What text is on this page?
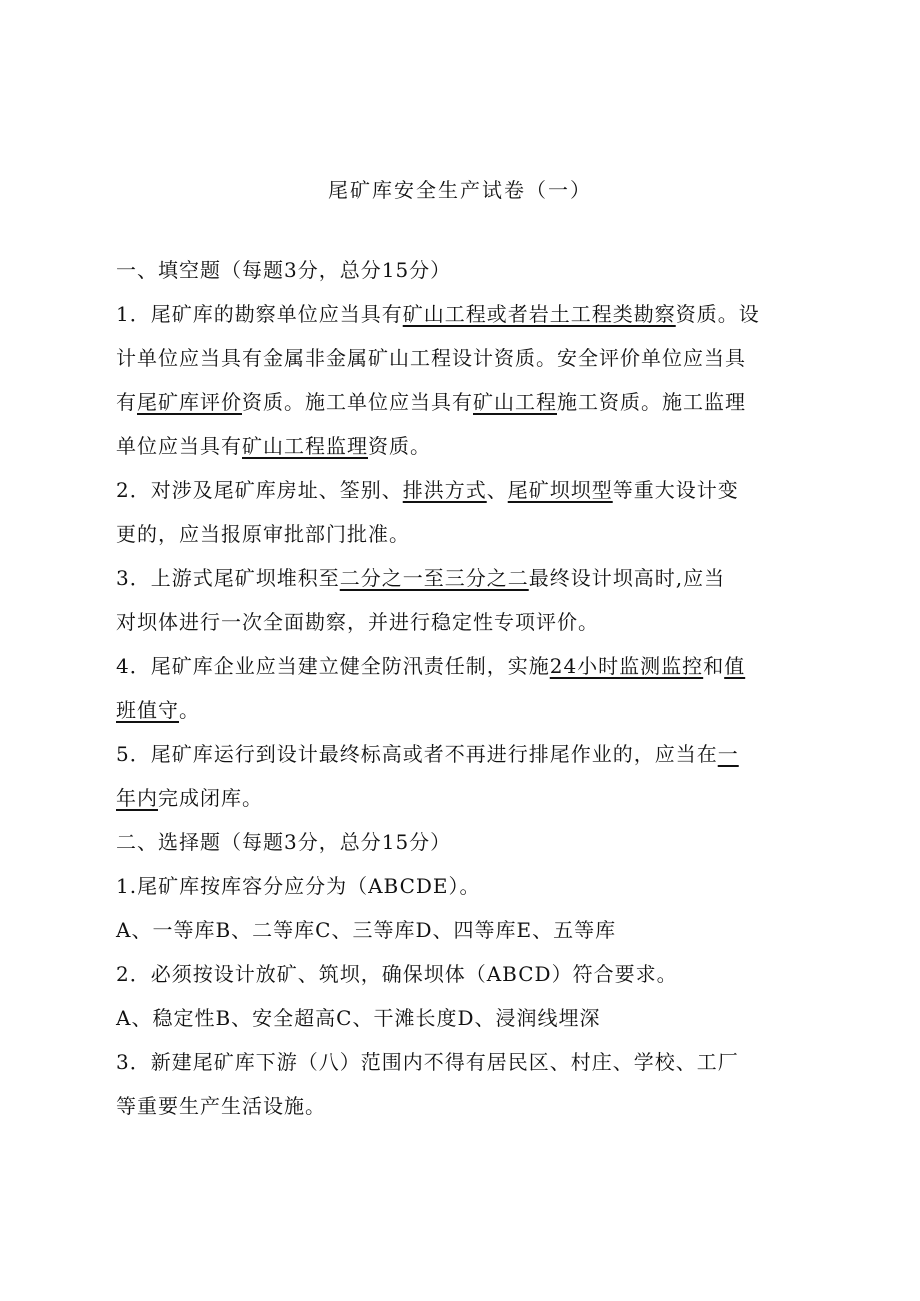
尾矿库安全生产试卷（一）
一、填空题（每题3分，总分15分）
1．尾矿库的勘察单位应当具有矿山工程或者岩土工程类勘察资质。设
计单位应当具有金属非金属矿山工程设计资质。安全评价单位应当具
有尾矿库评价资质。施工单位应当具有矿山工程施工资质。施工监理
单位应当具有矿山工程监理资质。
2．对涉及尾矿库房址、筌别、排洪方式、尾矿坝坝型等重大设计变
更的，应当报原审批部门批准。
3．上游式尾矿坝堆积至二分之一至三分之二最终设计坝高时,应当
对坝体进行一次全面勘察，并进行稳定性专项评价。
4．尾矿库企业应当建立健全防汛责任制，实施24小时监测监控和值
班值守。
5．尾矿库运行到设计最终标高或者不再进行排尾作业的，应当在一
年内完成闭库。
二、选择题（每题3分，总分15分）
1.尾矿库按库容分应分为（ABCDE）。
A、一等库B、二等库C、三等库D、四等库E、五等库
2．必须按设计放矿、筑坝，确保坝体（ABCD）符合要求。
A、稳定性B、安全超高C、干滩长度D、浸润线埋深
3．新建尾矿库下游（八）范围内不得有居民区、村庄、学校、工厂
等重要生产生活设施。
